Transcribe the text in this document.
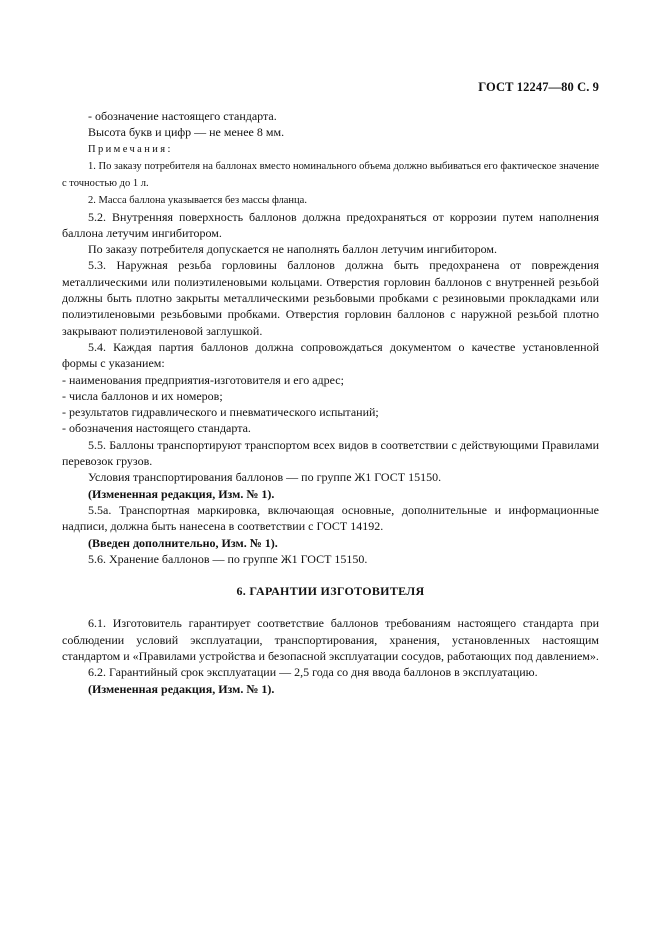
ГОСТ 12247—80 С. 9

- обозначение настоящего стандарта.

Высота букв и цифр — не менее 8 мм.

Примечания:

1. По заказу потребителя на баллонах вместо номинального объема должно выбиваться его фактическое значение с точностью до 1 л.

2. Масса баллона указывается без массы фланца.

5.2. Внутренняя поверхность баллонов должна предохраняться от коррозии путем наполнения баллона летучим ингибитором.

По заказу потребителя допускается не наполнять баллон летучим ингибитором.

5.3. Наружная резьба горловины баллонов должна быть предохранена от повреждения металлическими или полиэтиленовыми кольцами. Отверстия горловин баллонов с внутренней резьбой должны быть плотно закрыты металлическими резьбовыми пробками с резиновыми прокладками или полиэтиленовыми резьбовыми пробками. Отверстия горловин баллонов с наружной резьбой плотно закрывают полиэтиленовой заглушкой.

5.4. Каждая партия баллонов должна сопровождаться документом о качестве установленной формы с указанием:

- наименования предприятия-изготовителя и его адрес;

- числа баллонов и их номеров;

- результатов гидравлического и пневматического испытаний;

- обозначения настоящего стандарта.

5.5. Баллоны транспортируют транспортом всех видов в соответствии с действующими Правилами перевозок грузов.

Условия транспортирования баллонов — по группе Ж1 ГОСТ 15150.

(Измененная редакция, Изм. № 1).

5.5а. Транспортная маркировка, включающая основные, дополнительные и информационные надписи, должна быть нанесена в соответствии с ГОСТ 14192.

(Введен дополнительно, Изм. № 1).

5.6. Хранение баллонов — по группе Ж1 ГОСТ 15150.

6. ГАРАНТИИ ИЗГОТОВИТЕЛЯ

6.1. Изготовитель гарантирует соответствие баллонов требованиям настоящего стандарта при соблюдении условий эксплуатации, транспортирования, хранения, установленных настоящим стандартом и «Правилами устройства и безопасной эксплуатации сосудов, работающих под давлением».

6.2. Гарантийный срок эксплуатации — 2,5 года со дня ввода баллонов в эксплуатацию.

(Измененная редакция, Изм. № 1).
